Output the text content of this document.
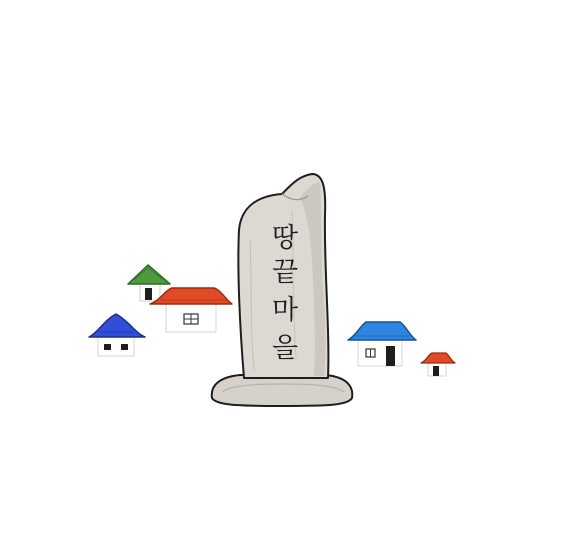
땅
끝
마
을
